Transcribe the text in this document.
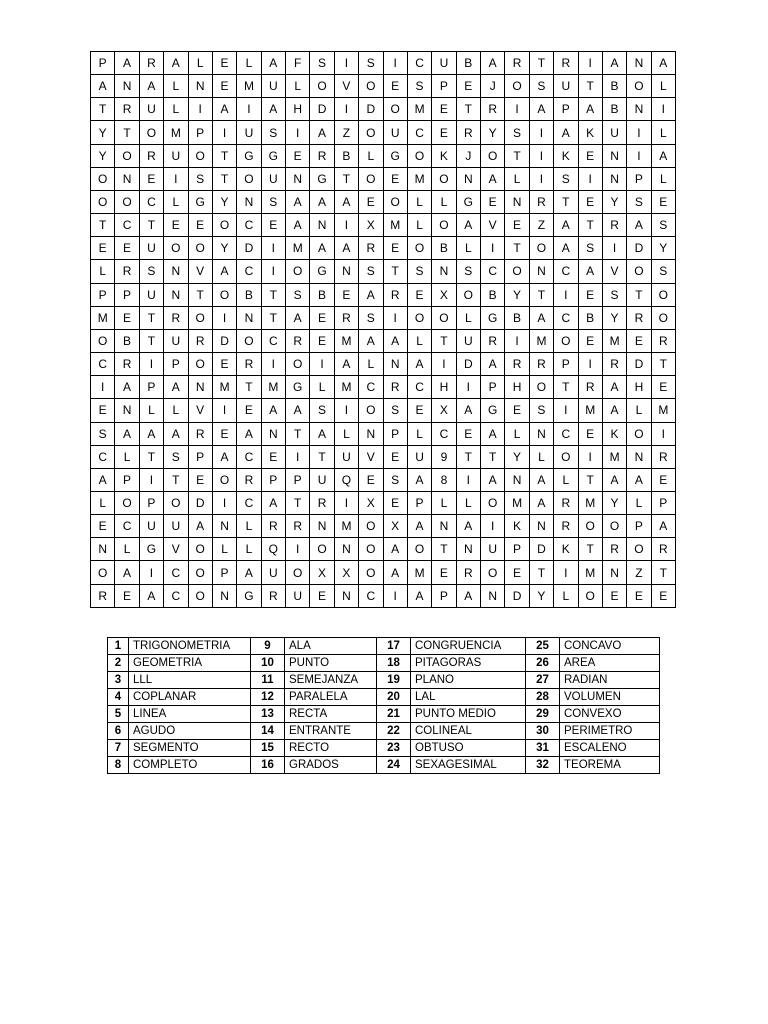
P	A	R	A	L	E	L	A	F	S	I	S	I	C	U	B	A	R	T	R	I	A	N	A
A	N	A	L	N	E	M	U	L	O	V	O	E	S	P	E	J	O	S	U	T	B	O	L
T	R	U	L	I	A	I	A	H	D	I	D	O	M	E	T	R	I	A	P	A	B	N	I
Y	T	O	M	P	I	U	S	I	A	Z	O	U	C	E	R	Y	S	I	A	K	U	I	L
Y	O	R	U	O	T	G	G	E	R	B	L	G	O	K	J	O	T	I	K	E	N	I	A
O	N	E	I	S	T	O	U	N	G	T	O	E	M	O	N	A	L	I	S	I	N	P	L
O	O	C	L	G	Y	N	S	A	A	A	E	O	L	L	G	E	N	R	T	E	Y	S	E
T	C	T	E	E	O	C	E	A	N	I	X	M	L	O	A	V	E	Z	A	T	R	A	S
E	E	U	O	O	Y	D	I	M	A	A	R	E	O	B	L	I	T	O	A	S	I	D	Y
L	R	S	N	V	A	C	I	O	G	N	S	T	S	N	S	C	O	N	C	A	V	O	S
P	P	U	N	T	O	B	T	S	B	E	A	R	E	X	O	B	Y	T	I	E	S	T	O
M	E	T	R	O	I	N	T	A	E	R	S	I	O	O	L	G	B	A	C	B	Y	R	O
O	B	T	U	R	D	O	C	R	E	M	A	A	L	T	U	R	I	M	O	E	M	E	R
C	R	I	P	O	E	R	I	O	I	A	L	N	A	I	D	A	R	R	P	I	R	D	T
I	A	P	A	N	M	T	M	G	L	M	C	R	C	H	I	P	H	O	T	R	A	H	E
E	N	L	L	V	I	E	A	A	S	I	O	S	E	X	A	G	E	S	I	M	A	L	M
S	A	A	A	R	E	A	N	T	A	L	N	P	L	C	E	A	L	N	C	E	K	O	I
C	L	T	S	P	A	C	E	I	T	U	V	E	U	9	T	T	Y	L	O	I	M	N	R
A	P	I	T	E	O	R	P	P	U	Q	E	S	A	8	I	A	N	A	L	T	A	A	E
L	O	P	O	D	I	C	A	T	R	I	X	E	P	L	L	O	M	A	R	M	Y	L	P
E	C	U	U	A	N	L	R	R	N	M	O	X	A	N	A	I	K	N	R	O	O	P	A
N	L	G	V	O	L	L	Q	I	O	N	O	A	O	T	N	U	P	D	K	T	R	O	R
O	A	I	C	O	P	A	U	O	X	X	O	A	M	E	R	O	E	T	I	M	N	Z	T
R	E	A	C	O	N	G	R	U	E	N	C	I	A	P	A	N	D	Y	L	O	E	E	E
1	TRIGONOMETRIA	9	ALA	17	CONGRUENCIA	25	CONCAVO
2	GEOMETRIA	10	PUNTO	18	PITAGORAS	26	AREA
3	LLL	11	SEMEJANZA	19	PLANO	27	RADIAN
4	COPLANAR	12	PARALELA	20	LAL	28	VOLUMEN
5	LINEA	13	RECTA	21	PUNTO MEDIO	29	CONVEXO
6	AGUDO	14	ENTRANTE	22	COLINEAL	30	PERIMETRO
7	SEGMENTO	15	RECTO	23	OBTUSO	31	ESCALENO
8	COMPLETO	16	GRADOS	24	SEXAGESIMAL	32	TEOREMA
